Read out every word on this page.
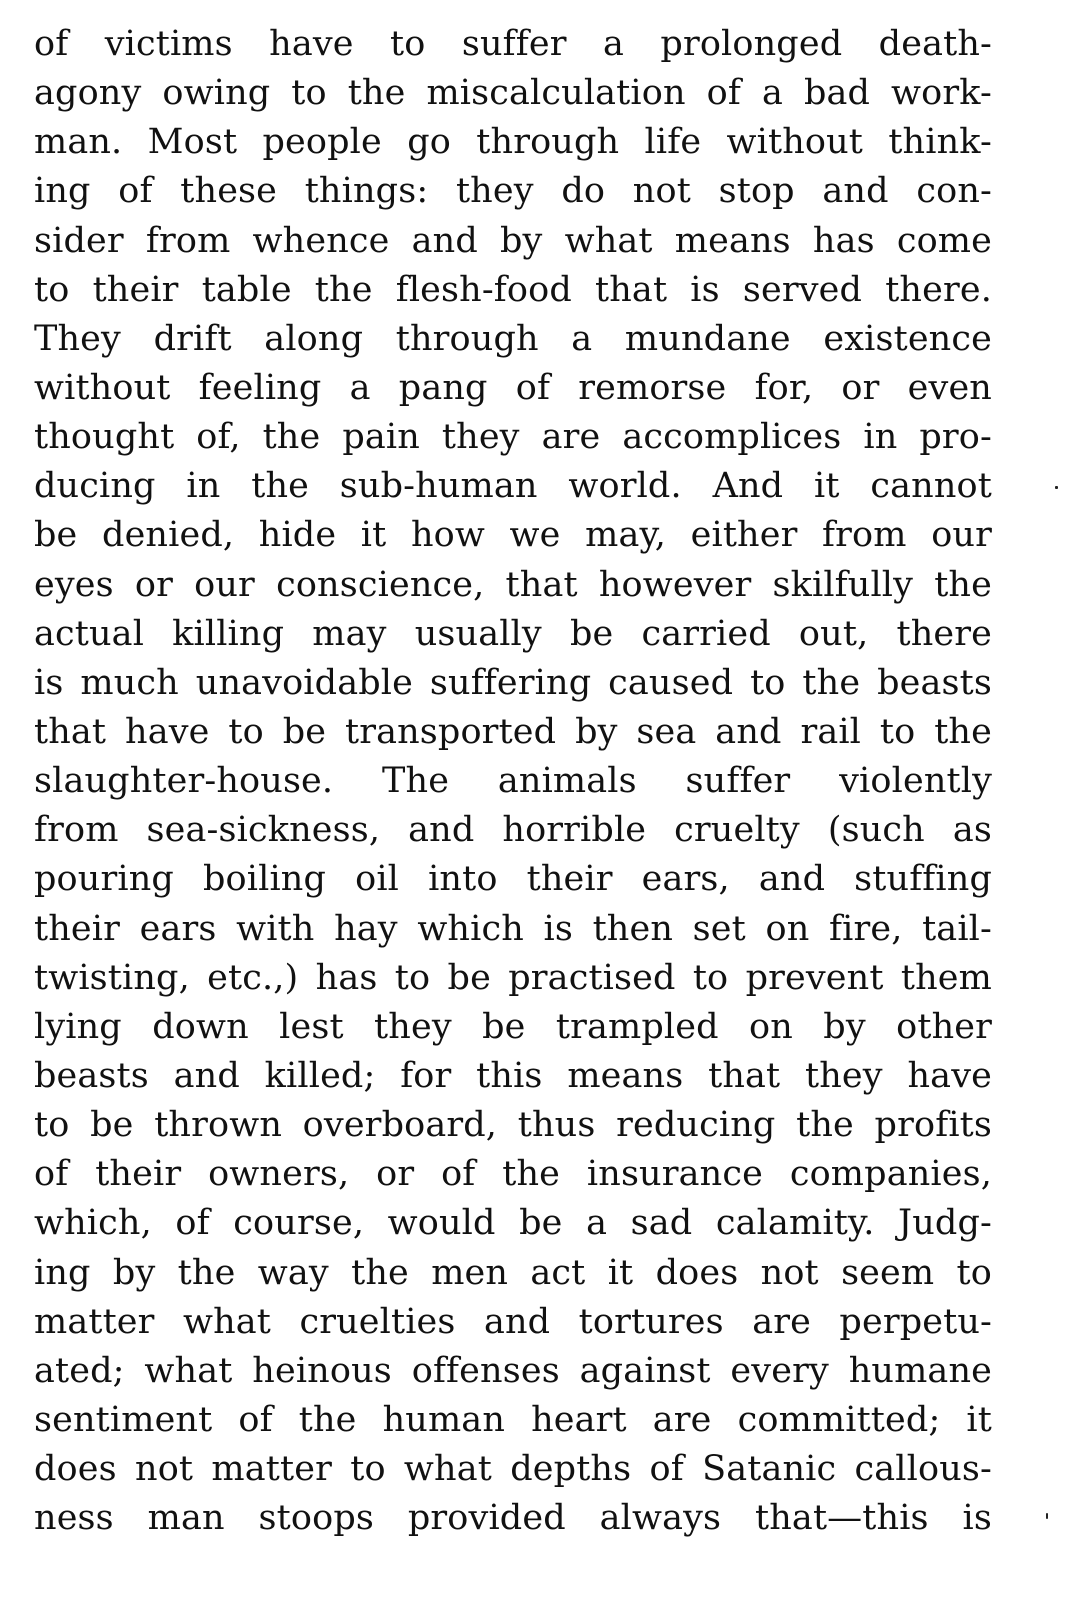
of victims have to suffer a prolonged death-
agony owing to the miscalculation of a bad work-
man. Most people go through life without think-
ing of these things: they do not stop and con-
sider from whence and by what means has come
to their table the flesh-food that is served there.
They drift along through a mundane existence
without feeling a pang of remorse for, or even
thought of, the pain they are accomplices in pro-
ducing in the sub-human world. And it cannot
be denied, hide it how we may, either from our
eyes or our conscience, that however skilfully the
actual killing may usually be carried out, there
is much unavoidable suffering caused to the beasts
that have to be transported by sea and rail to the
slaughter-house. The animals suffer violently
from sea-sickness, and horrible cruelty (such as
pouring boiling oil into their ears, and stuffing
their ears with hay which is then set on fire, tail-
twisting, etc.,) has to be practised to prevent them
lying down lest they be trampled on by other
beasts and killed; for this means that they have
to be thrown overboard, thus reducing the profits
of their owners, or of the insurance companies,
which, of course, would be a sad calamity. Judg-
ing by the way the men act it does not seem to
matter what cruelties and tortures are perpetu-
ated; what heinous offenses against every humane
sentiment of the human heart are committed; it
does not matter to what depths of Satanic callous-
ness man stoops provided always that—this is
